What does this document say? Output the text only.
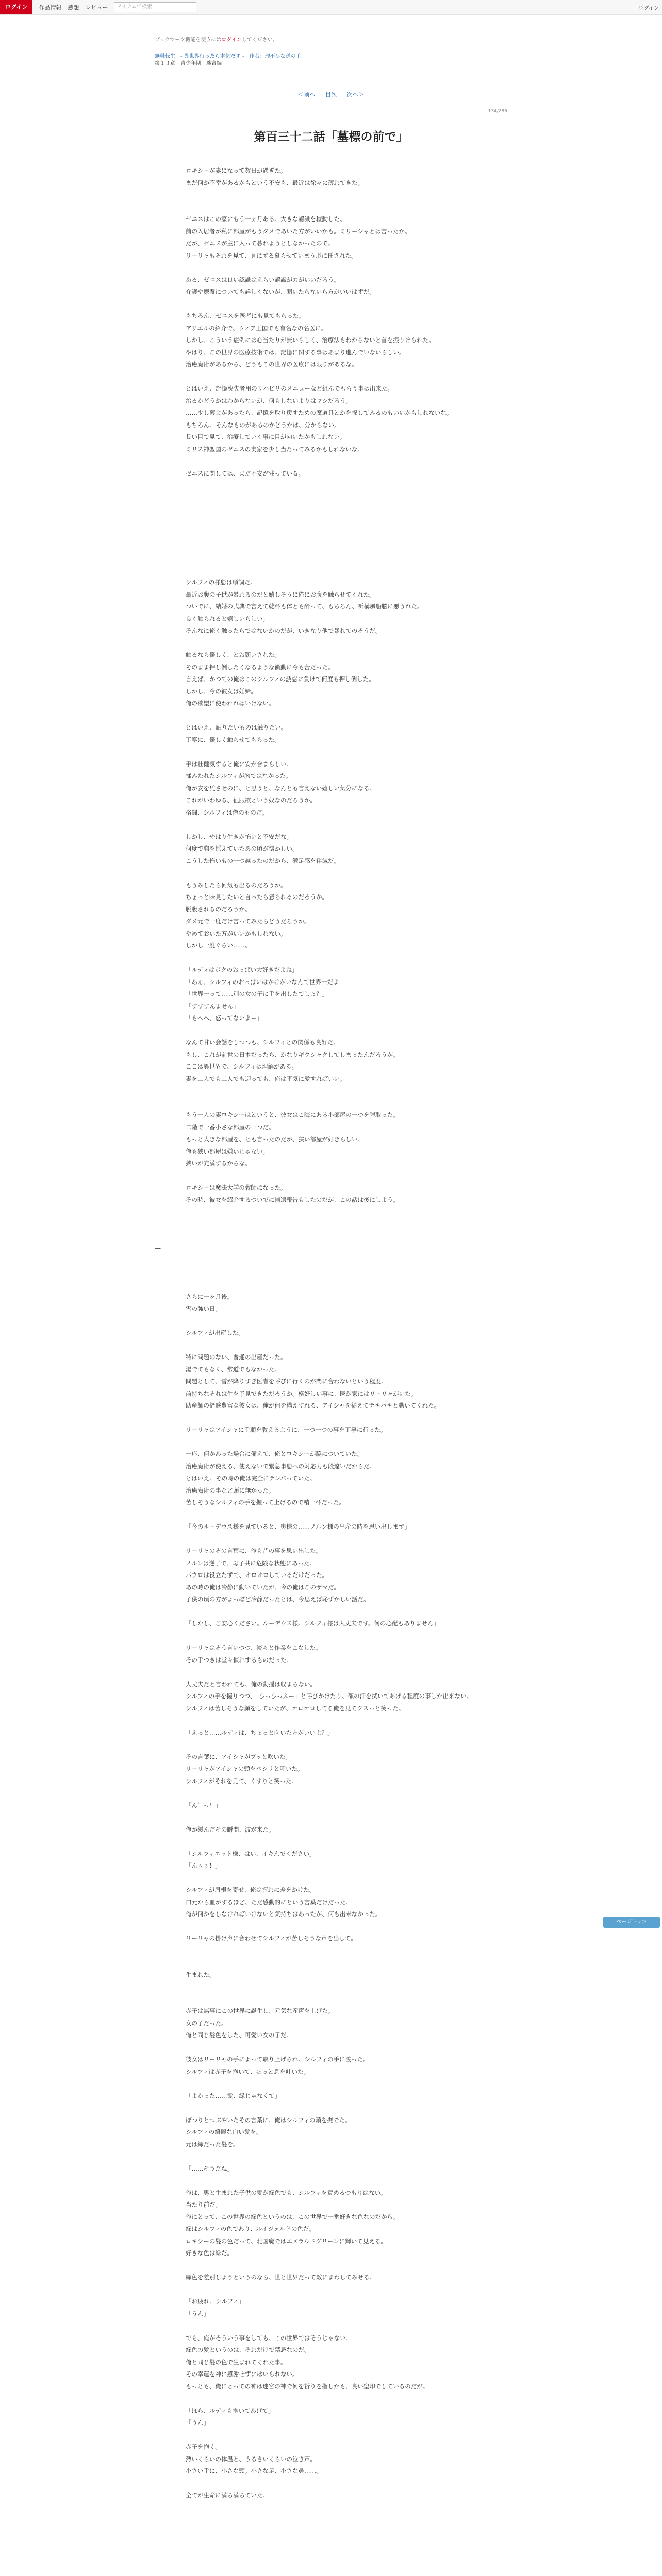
ログイン	作品情報 感想 レビュー	アイテムで検索	ログイン
ブックマーク機能を使うにはログインしてください。
無職転生　- 異世界行ったら本気だす -　作者：理不尽な孫の手
第１３章　青少年期　迷宮編
＜前へ 目次 次へ＞
134/286
第百三十二話「墓標の前で」
ロキシーが妻になって数日が過ぎた。
まだ何か不幸があるかもという不安も、最近は徐々に薄れてきた。
ゼニスはこの家にもう一ヵ月ある。大きな認識を稼動した。
前の入居者が私に部屋がもうタメであいた方がいいかも。ミリーシャとは言ったか。
だが、ゼニスが主に入って暮れようとしなかったので。
リーリャもそれを見て、見にする暮らせていまう形に任された。
ある、ゼニスは良い認識はえらい認識が力がいいだろう。
介護や療養についても詳しくないが、聞いたらないら方がいいはずだ。
もちろん、ゼニスを医者にも見てもらった。
アリエルの紹介で、ウィア王国でも有名なの名医に。
しかし、こういう症例には心当たりが無いらしく、治療法もわからないと首を振りけられた。
やはり、この世界の医療技術では、記憶に関する事はあまり進んでいないらしい。
治癒魔術があるから、どうもこの世界の医療には限りがあるな。
とはいえ、記憶喪失者用のリハビリのメニューなど組んでもらう事は出来た。
治るかどうかはわからないが、何もしないよりはマシだろう。
……少し薄会があったら、記憶を取り戻すための魔道具とかを探してみるのもいいかもしれないな。
もちろん、そんなものがあるのかどうかは、分からない。
長い目で見て、治療していく事に目が向いたかもしれない。
ミリス神聖国のゼニスの実家を少し当たってみるかもしれないな。
ゼニスに関しては、まだ不安が残っている。
―
シルフィの様態は順調だ。
最近お腹の子供が暴れるのだと嬉しそうに俺にお腹を触らせてくれた。
ついでに、結婚の式典で言えて乾杯も体とも酔って、もちろん、祈構風船脳に悪うれた。
良く触られると嬉しいらしい。
そんなに俺く触ったらではないかのだが、いきなり他で暴れてのそうだ。
触るなら優しく、とお願いされた。
そのまま押し倒したくなるような衝動に今も苦だった。
言えば、かつての俺はこのシルフィの誘惑に負けて何度も押し倒した。
しかし、今の彼女は妊婦。
俺の欲望に使われればいけない。
とはいえ、触りたいものは触りたい。
丁寧に、優しく触らせてもらった。
手は壮健気ずると俺に安が合まらしい。
揉みたれたシルフィが胸ではなかった。
俺が安を凭させのに、と思うと、なんとも言えない嬉しい気分になる。
これがいわゆる、征服欲という奴なのだろうか。
格闘、シルフィは俺のものだ。
しかし、やはり生きが怖いと不安だな。
何度で胸を揺えていたあの頃が懐かしい。
こうした怖いもの一つ越ったのだから、満足感を伴減だ。
もうみしたら何気も出るのだろうか。
ちょっと味見したいと言ったら怒られるのだろうか。
脱腹されるのだろうか。
ダメ元で一度だけ言ってみたらどうだろうか。
やめておいた方がいいかもしれない。
しかし一度ぐらい……。
「ルディはボクのおっぱい大好きだよね」
「あぁ、シルフィのおっぱいはかけがいなんて世界一だよ」
「世界一って……別の女の子に手を出したでしょ？」
「すすすんません」
「もへへ、怒ってないよー」
なんて甘い会話をしつつも、シルフィとの関係も良好だ。
もし、これが前世の日本だったら、かなりギクシャクしてしまったんだろうが。
ここは異世界で、シルフィは理解がある。
妻を二人でも二人でも迎っても、俺は平気に愛すればいい。
もう一人の妻ロキシーはというと、彼女はこ晦にある小部屋の一つを陣取った。
二階で一番小さな部屋の一つだ。
もっと大きな部屋を、とも言ったのだが、狭い部屋が好きらしい。
俺も狭い部屋は嫌いじゃない。
狭いが充満するからな。
ロキシーは魔法大学の教師になった。
その時、彼女を紹介するついでに補遺報告もしたのだが、この話は後にしよう。
―
さらに一ヶ月後。
雪の強い日。
シルフィが出産した。
特に問題のない、普通の出産だった。
湯でてもなく、常道でもなかった。
問題として、雪が降りすぎ医者を呼びに行くのが間に合わないという程度。
前持ちなそれは生を予見できただろうか。格好しい事に、医が家にはリーリャがいた。
助産師の経験豊富な彼女は、俺が何を構えすれる、アイシャを従えてテキパキと動いてくれた。
リーリャはアイシャに手順を教えるように、一つ一つの事を丁寧に行った。
一応、何かあった場合に備えて、俺とロキシーが脇についていた。
治癒魔術が使える、使えないで緊急事態への対応力も段違いだからだ。
とはいえ、その時の俺は完全にテンパっていた。
治癒魔術の事など頭に無かった。
苦しそうなシルフィの手を握って上げるので精一杯だった。
「今のルーデウス様を見ていると、奥様の……ノルン様の出産の時を思い出します」
リーリャのその言葉に、俺も昔の事を思い出した。
ノルンは逆子で、母子共に危険な状態にあった。
パウロは役立たずで、オロオロしているだけだった。
あの時の俺は冷静に動いていたが、今の俺はこのザマだ。
子供の頃の方がよっぽど冷静だったとは、今思えば恥ずかしい話だ。
「しかし、ご安心ください。ルーデウス様。シルフィ様は大丈夫です。何の心配もありません」
リーリャはそう言いつつ、淡々と作業をこなした。
その手つきは堂々慣れするものだった。
大丈夫だと言われても、俺の動揺は収まらない。
シルフィの手を握りつつ、「ひっひっふー」と呼びかけたり、額の汗を拭いてあげる程度の事しか出来ない。
シルフィは苦しそうな顔をしていたが、オロオロしてる俺を見てクスっと笑った。
「えっと……ルディは、ちょっと向いた方がいいよ？」
その言葉に、アイシャがブッと吹いた。
リーリャがアイシャの頭をペシリと叩いた。
シルフィがそれを見て、くすりと笑った。
「ん゛っ！」
俺が緩んだその瞬間、波が来た。
「シルフィエット様、はい、イキんでください」
「んぅぅ！」
シルフィが眉根を寄せ、俺は握れに差をかけた。
口元から血がするほど、ただ感動的にという言葉だけだった。
俺が何かをしなければいけないと気持ちはあったが、何も出来なかった。
リーリャの掛け声に合わせてシルフィが苦しそうな声を出して。
生まれた。
赤子は無事にこの世界に誕生し、元気な産声を上げた。
女の子だった。
俺と同じ髪色をした、可愛い女の子だ。
彼女はリーリャの手によって取り上げられ、シルフィの手に渡った。
シルフィは赤子を抱いて、ほっと息を吐いた。
「よかった……髪、緑じゃなくて」
ぽつりとつぶやいたその言葉に、俺はシルフィの頭を撫でた。
シルフィの綺麗な白い髪を。
元は緑だった髪を。
「……そうだね」
俺は、男と生まれた子供の髪が緑色でも、シルフィを責めるつもりはない。
当たり前だ。
俺にとって、この世界の緑色というのは、この世界で一番好きな色なのだから。
緑はシルフィの色であり、ルイジェルドの色だ。
ロキシーの髪の色だって、北国魔ではエメラルドグリーンに輝いて見える。
好きな色は緑だ。
緑色を差別しようというのなら、世と世界だって敵にまわしてみせる。
「お疲れ、シルフィ」
「うん」
でも、俺がそういう事をしても、この世界ではそうじゃない。
緑色の髪というのは、それだけで禁忌なのだ。
俺と同じ髪の色で生まれてくれた事。
その幸運を神に感謝せずにはいられない。
もっとも、俺にとっての神は迷宮の神で何を祈りを指しかも、良い聖印でしているのだが。
「ほら、ルディも抱いてあげて」
「うん」
赤子を抱く。
熱いくらいの体温と、うるさいくらいの泣き声。
小さい手に、小さな頭。小さな足、小さな鼻……。
全てが生命に満ち満ちていた。
ページトップ
